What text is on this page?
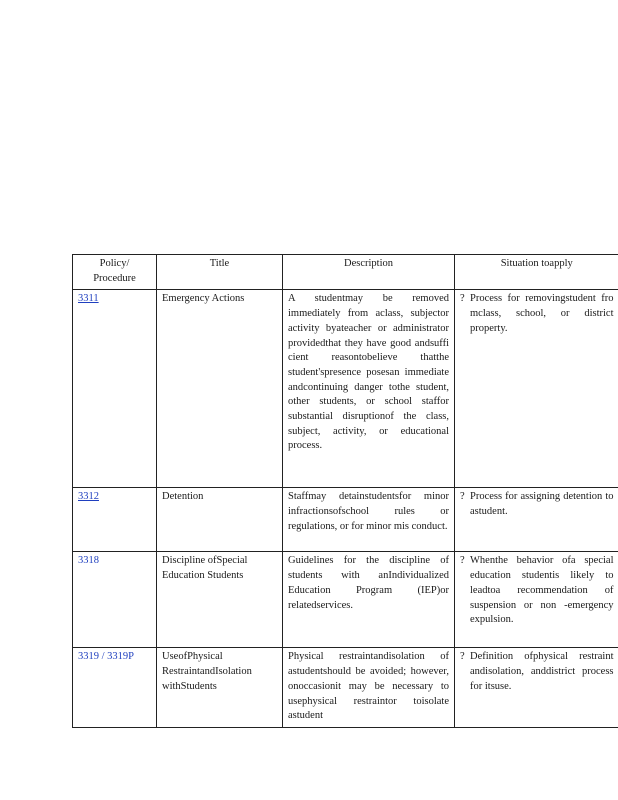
Policy/ Procedure	Title	Description	Situation toapply
3311	Emergency Actions	A studentmay be removed immediately from aclass, subjector activity byateacher or administrator providedthat they have good andsuffi cient reasontobelieve thatthe student'spresence posesan immediate andcontinuing danger tothe student, other students, or school staffor substantial disruptionof the class, subject, activity, or educational process.	? Process for removingstudent fro mclass, school, or district property.

3312	Detention	Staffmay detainstudentsfor minor infractionsofschool rules or regulations, or for minor mis conduct.	? Process for assigning detention to astudent.

3318	Discipline ofSpecial Education Students	Guidelines for the discipline of students with anIndividualized Education Program (IEP)or relatedservices.	? Whenthe behavior ofa special education studentis likely to leadtoa recommendation of suspension or non -emergency expulsion.

3319 / 3319P	UseofPhysical RestraintandIsolation withStudents	Physical restraintandisolation of astudentshould be avoided; however, onoccasionit may be necessary to usephysical restraintor toisolate astudent	? Definition ofphysical restraint andisolation, anddistrict process for itsuse.
